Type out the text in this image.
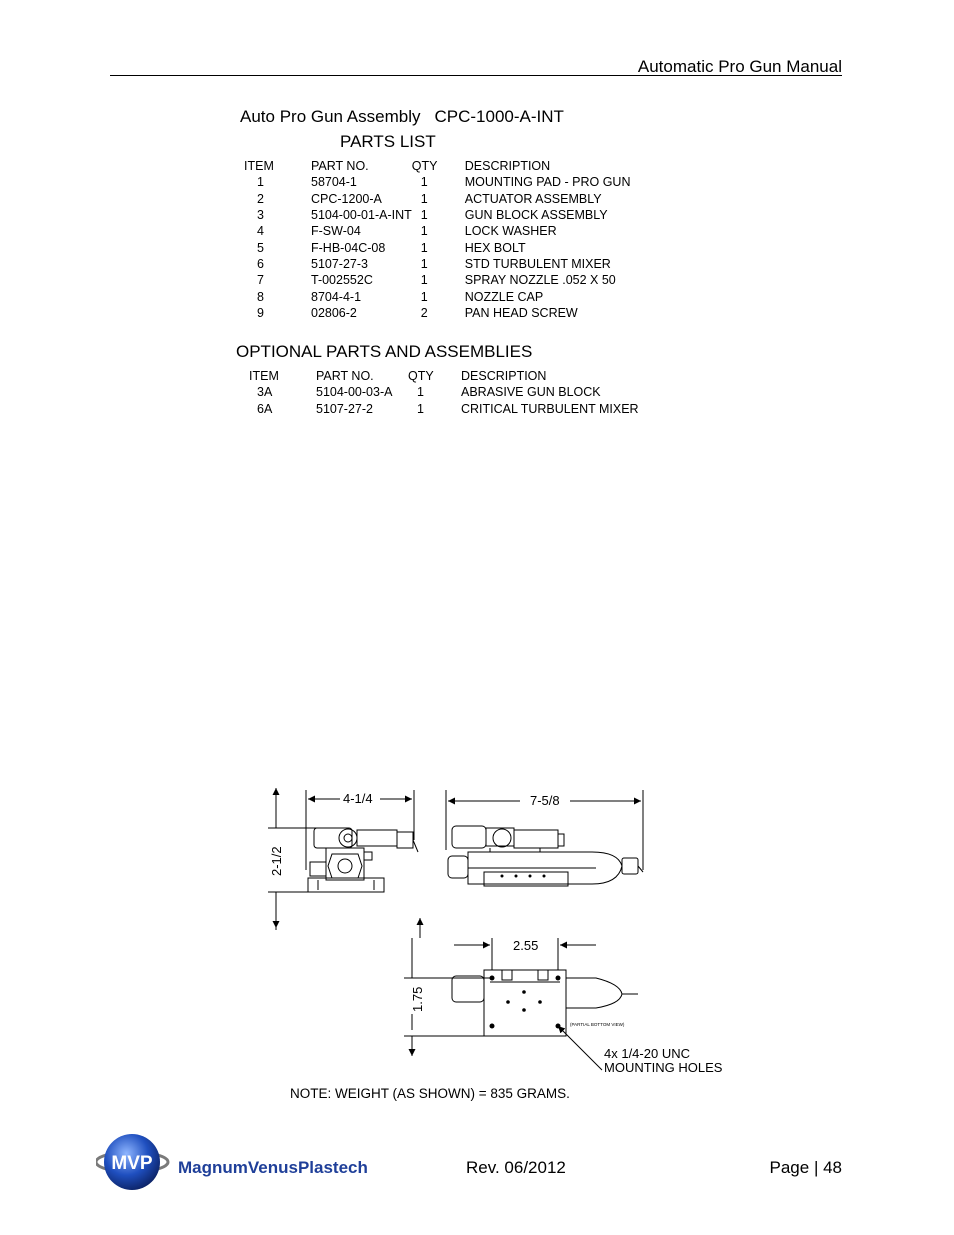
Automatic Pro Gun Manual
Auto Pro Gun Assembly CPC-1000-A-INT
PARTS LIST
ITEM	PART NO.	QTY	DESCRIPTION
1	58704-1	1	MOUNTING PAD - PRO GUN
2	CPC-1200-A	1	ACTUATOR ASSEMBLY
3	5104-00-01-A-INT	1	GUN BLOCK ASSEMBLY
4	F-SW-04	1	LOCK WASHER
5	F-HB-04C-08	1	HEX BOLT
6	5107-27-3	1	STD TURBULENT MIXER
7	T-002552C	1	SPRAY NOZZLE .052 X 50
8	8704-4-1	1	NOZZLE CAP
9	02806-2	2	PAN HEAD SCREW
OPTIONAL PARTS AND ASSEMBLIES
ITEM	PART NO.	QTY	DESCRIPTION
3A	5104-00-03-A	1	ABRASIVE GUN BLOCK
6A	5107-27-2	1	CRITICAL TURBULENT MIXER
4-1/4	7-5/8
2-1/2
2.55
1.75
(PARTIAL BOTTOM VIEW)
4x 1/4-20 UNC
MOUNTING HOLES
NOTE: WEIGHT (AS SHOWN) = 835 GRAMS.
MVP MagnumVenusPlastech	Rev. 06/2012	Page | 48
